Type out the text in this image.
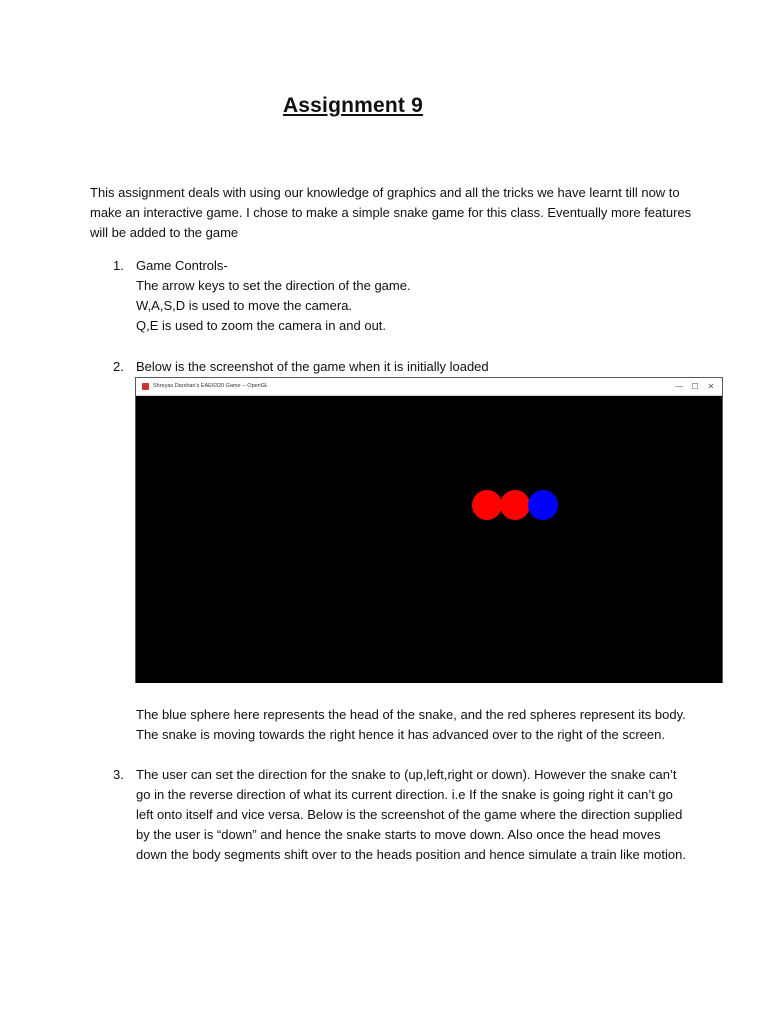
Assignment 9
This assignment deals with using our knowledge of graphics and all the tricks we have learnt till now to
make an interactive game. I chose to make a simple snake game for this class. Eventually more features
will be added to the game
1. Game Controls-
The arrow keys to set the direction of the game.
W,A,S,D is used to move the camera.
Q,E is used to zoom the camera in and out.
2. Below is the screenshot of the game when it is initially loaded
Shreyas Darshan's EAE6320 Game -- OpenGL	—	☐	✕
The blue sphere here represents the head of the snake, and the red spheres represent its body.
The snake is moving towards the right hence it has advanced over to the right of the screen.
3. The user can set the direction for the snake to (up,left,right or down). However the snake can’t
go in the reverse direction of what its current direction. i.e If the snake is going right it can’t go
left onto itself and vice versa. Below is the screenshot of the game where the direction supplied
by the user is “down” and hence the snake starts to move down. Also once the head moves
down the body segments shift over to the heads position and hence simulate a train like motion.
